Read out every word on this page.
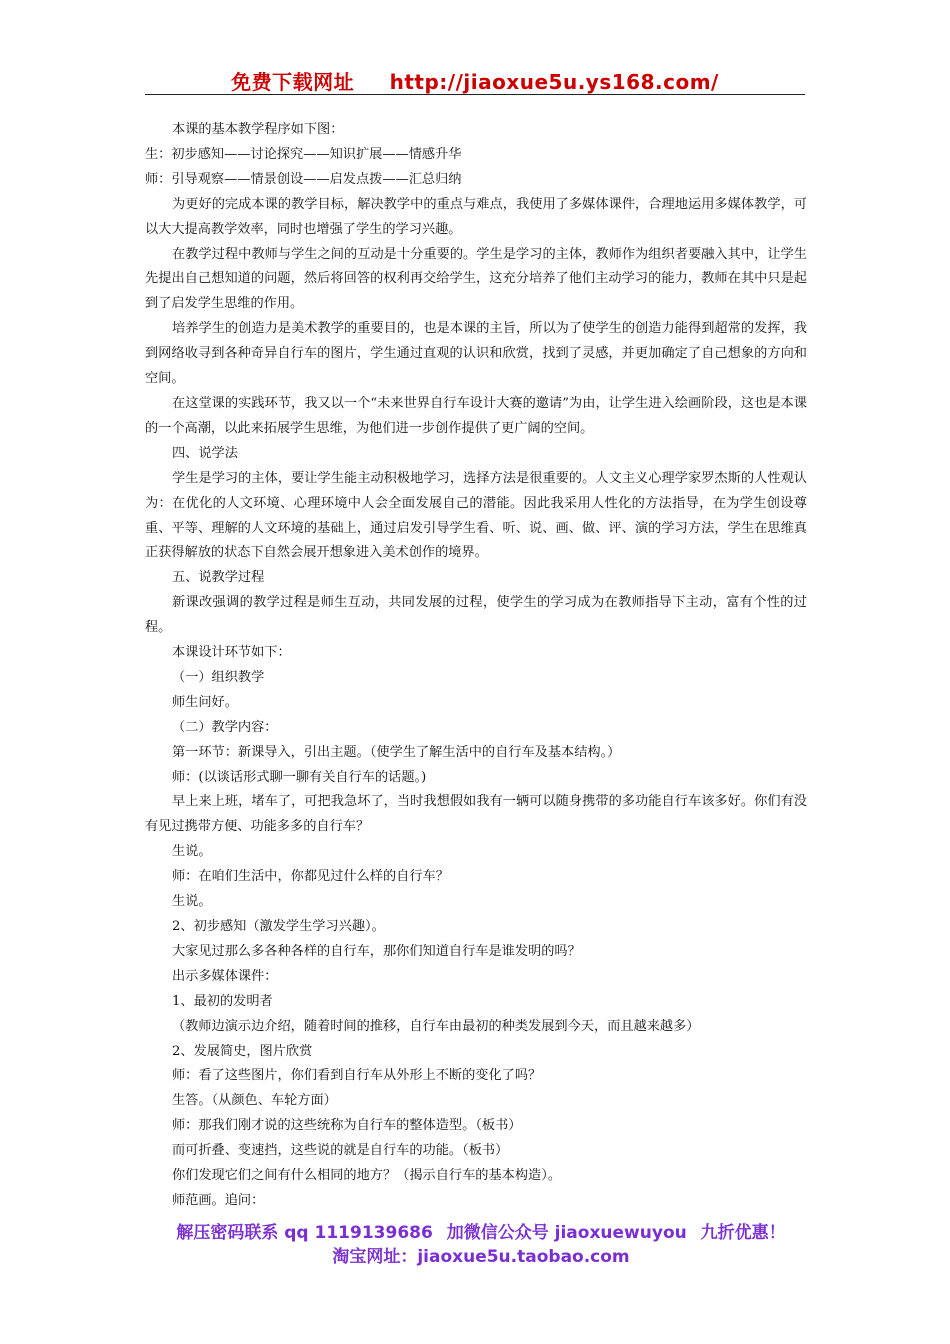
免费下载网址 http://jiaoxue5u.ys168.com/

本课的基本教学程序如下图：

生：初步感知——讨论探究——知识扩展——情感升华

师：引导观察——情景创设——启发点拨——汇总归纳

为更好的完成本课的教学目标，解决教学中的重点与难点，我使用了多媒体课件，合理地运用多媒体教学，可以大大提高教学效率，同时也增强了学生的学习兴趣。

在教学过程中教师与学生之间的互动是十分重要的。学生是学习的主体，教师作为组织者要融入其中，让学生先提出自己想知道的问题，然后将回答的权利再交给学生，这充分培养了他们主动学习的能力，教师在其中只是起到了启发学生思维的作用。

培养学生的创造力是美术教学的重要目的，也是本课的主旨，所以为了使学生的创造力能得到超常的发挥，我到网络收寻到各种奇异自行车的图片，学生通过直观的认识和欣赏，找到了灵感，并更加确定了自己想象的方向和空间。

在这堂课的实践环节，我又以一个“未来世界自行车设计大赛的邀请”为由，让学生进入绘画阶段，这也是本课的一个高潮，以此来拓展学生思维，为他们进一步创作提供了更广阔的空间。

四、说学法

学生是学习的主体，要让学生能主动积极地学习，选择方法是很重要的。人文主义心理学家罗杰斯的人性观认为：在优化的人文环境、心理环境中人会全面发展自己的潜能。因此我采用人性化的方法指导，在为学生创设尊重、平等、理解的人文环境的基础上，通过启发引导学生看、听、说、画、做、评、演的学习方法，学生在思维真正获得解放的状态下自然会展开想象进入美术创作的境界。

五、说教学过程

新课改强调的教学过程是师生互动，共同发展的过程，使学生的学习成为在教师指导下主动，富有个性的过程。

本课设计环节如下：

（一）组织教学

师生问好。

（二）教学内容：

第一环节：新课导入，引出主题。（使学生了解生活中的自行车及基本结构。）

师：(以谈话形式聊一聊有关自行车的话题。)

早上来上班，堵车了，可把我急坏了，当时我想假如我有一辆可以随身携带的多功能自行车该多好。你们有没有见过携带方便、功能多多的自行车？

生说。

师：在咱们生活中，你都见过什么样的自行车？

生说。

2、初步感知（激发学生学习兴趣）。

大家见过那么多各种各样的自行车，那你们知道自行车是谁发明的吗？

出示多媒体课件：

1、最初的发明者

（教师边演示边介绍，随着时间的推移，自行车由最初的种类发展到今天，而且越来越多）

2、发展简史，图片欣赏

师：看了这些图片，你们看到自行车从外形上不断的变化了吗？

生答。（从颜色、车轮方面）

师：那我们刚才说的这些统称为自行车的整体造型。（板书）

而可折叠、变速挡，这些说的就是自行车的功能。（板书）

你们发现它们之间有什么相同的地方？（揭示自行车的基本构造）。

师范画。追问：

解压密码联系 qq 1119139686 加微信公众号 jiaoxuewuyou 九折优惠！
淘宝网址：jiaoxue5u.taobao.com
